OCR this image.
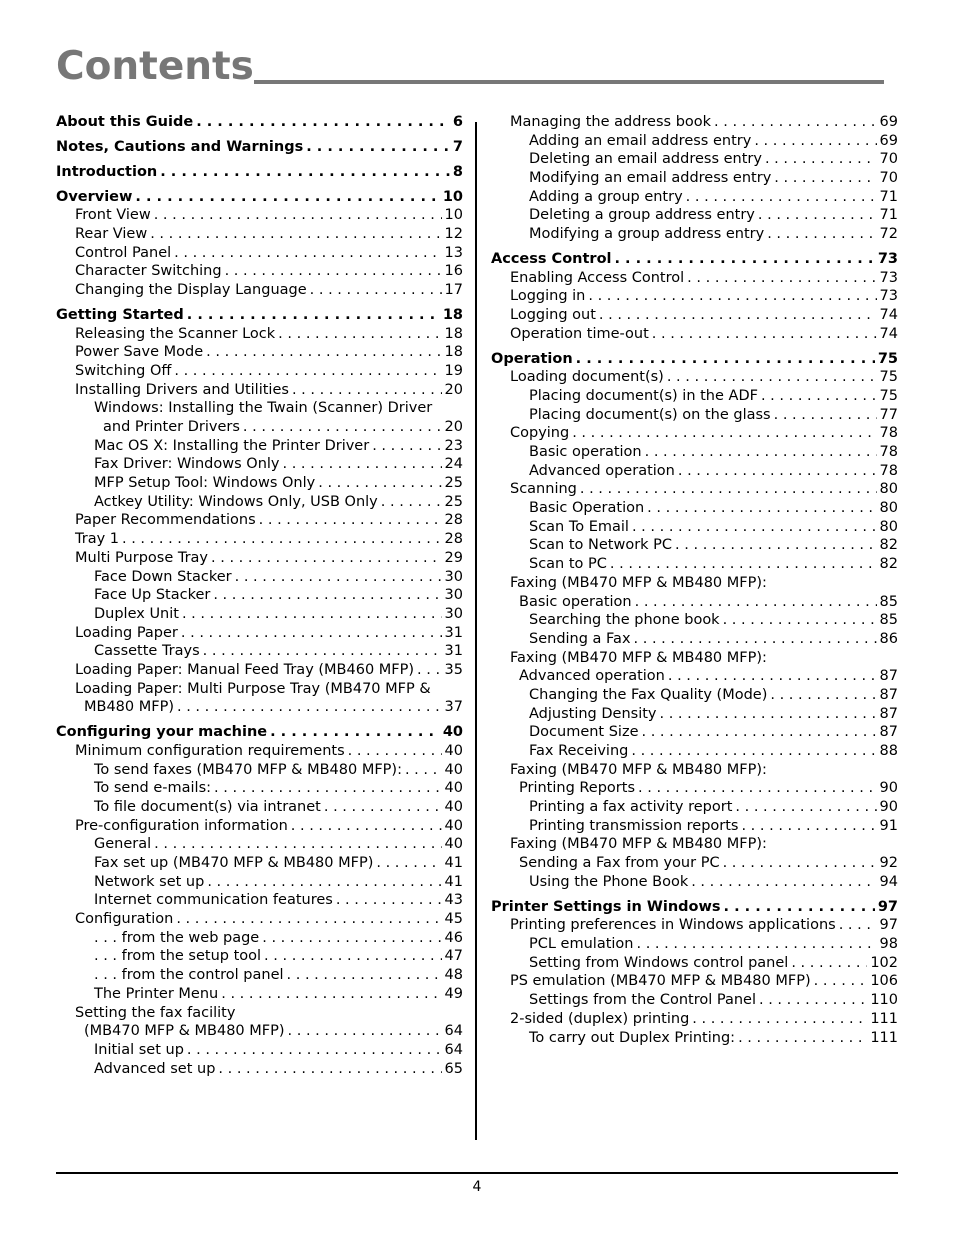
Contents
About this Guide . . .	6
Notes, Cautions and Warnings . . .	7
Introduction . . .	8
Overview . . .	10
Front View . . .	10
Rear View . . .	12
Control Panel . . .	13
Character Switching . . .	16
Changing the Display Language . . .	17
Getting Started . . .	18
Releasing the Scanner Lock . . .	18
Power Save Mode . . .	18
Switching Off . . .	19
Installing Drivers and Utilities . . .	20
Windows: Installing the Twain (Scanner) Driver
and Printer Drivers . . .	20
Mac OS X: Installing the Printer Driver . . .	23
Fax Driver: Windows Only . . .	24
MFP Setup Tool: Windows Only . . .	25
Actkey Utility: Windows Only, USB Only . . .	25
Paper Recommendations . . .	28
Tray 1 . . .	28
Multi Purpose Tray . . .	29
Face Down Stacker . . .	30
Face Up Stacker . . .	30
Duplex Unit . . .	30
Loading Paper . . .	31
Cassette Trays . . .	31
Loading Paper: Manual Feed Tray (MB460 MFP) . . . 35
Loading Paper: Multi Purpose Tray (MB470 MFP &
MB480 MFP) . . .	37
Configuring your machine . . .	40
Minimum configuration requirements . . .	40
To send faxes (MB470 MFP & MB480 MFP): . . .	40
To send e-mails: . . .	40
To file document(s) via intranet . . .	40
Pre-configuration information . . .	40
General . . .	40
Fax set up (MB470 MFP & MB480 MFP) . . .	41
Network set up . . .	41
Internet communication features . . .	43
Configuration . . .	45
. . . from the web page . . .	46
. . . from the setup tool . . .	47
. . . from the control panel . . .	48
The Printer Menu . . .	49
Setting the fax facility
(MB470 MFP & MB480 MFP) . . .	64
Initial set up . . .	64
Advanced set up . . .	65
Managing the address book . . .	69
Adding an email address entry . . .	69
Deleting an email address entry . . .	70
Modifying an email address entry . . .	70
Adding a group entry . . .	71
Deleting a group address entry . . .	71
Modifying a group address entry . . .	72
Access Control . . .	73
Enabling Access Control . . .	73
Logging in . . .	73
Logging out . . .	74
Operation time-out . . .	74
Operation . . .	75
Loading document(s) . . .	75
Placing document(s) in the ADF . . .	75
Placing document(s) on the glass . . .	77
Copying . . .	78
Basic operation . . .	78
Advanced operation . . .	78
Scanning . . .	80
Basic Operation . . .	80
Scan To Email . . .	80
Scan to Network PC . . .	82
Scan to PC . . .	82
Faxing (MB470 MFP & MB480 MFP):
Basic operation . . .	85
Searching the phone book . . .	85
Sending a Fax . . .	86
Faxing (MB470 MFP & MB480 MFP):
Advanced operation . . .	87
Changing the Fax Quality (Mode) . . .	87
Adjusting Density . . .	87
Document Size . . .	87
Fax Receiving . . .	88
Faxing (MB470 MFP & MB480 MFP):
Printing Reports . . .	90
Printing a fax activity report . . .	90
Printing transmission reports . . .	91
Faxing (MB470 MFP & MB480 MFP):
Sending a Fax from your PC . . .	92
Using the Phone Book . . .	94
Printer Settings in Windows . . .	97
Printing preferences in Windows applications . . .	97
PCL emulation . . .	98
Setting from Windows control panel . . .	102
PS emulation (MB470 MFP & MB480 MFP) . . .	106
Settings from the Control Panel . . .	110
2-sided (duplex) printing . . .	111
To carry out Duplex Printing: . . .	111
4
